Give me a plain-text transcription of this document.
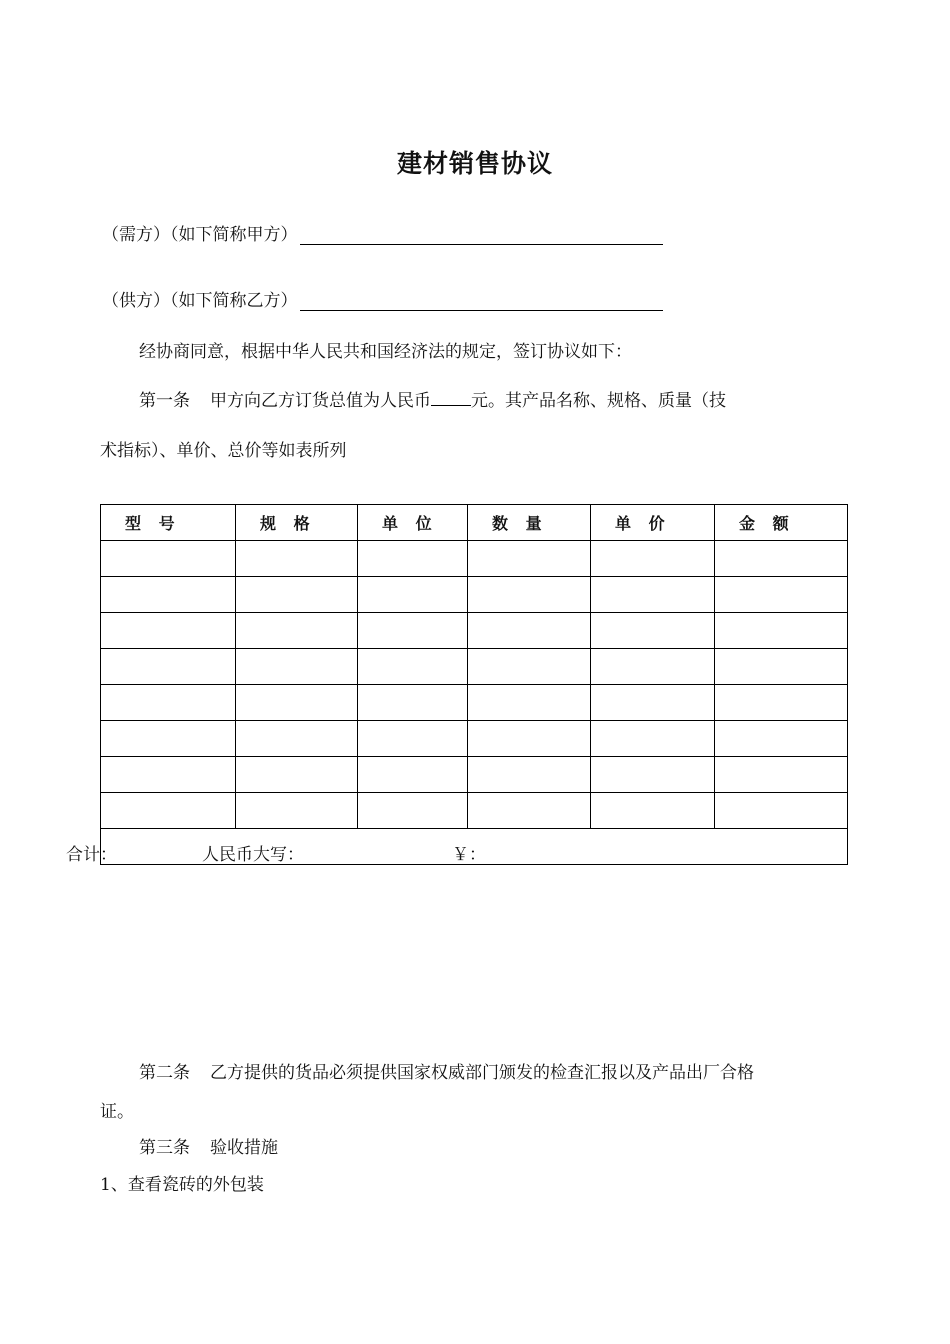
建材销售协议
（需方）（如下简称甲方）
（供方）（如下简称乙方）
经协商同意，根据中华人民共和国经济法的规定，签订协议如下：
第一条 甲方向乙方订货总值为人民币 元。其产品名称、规格、质量（技
术指标）、单价、总价等如表所列
型 号	规 格	单 位	数 量	单 价	金 额

合计：	人民币大写：	￥：
第二条 乙方提供的货品必须提供国家权威部门颁发的检查汇报以及产品出厂合格
证。
第三条 验收措施
1、查看瓷砖的外包装
